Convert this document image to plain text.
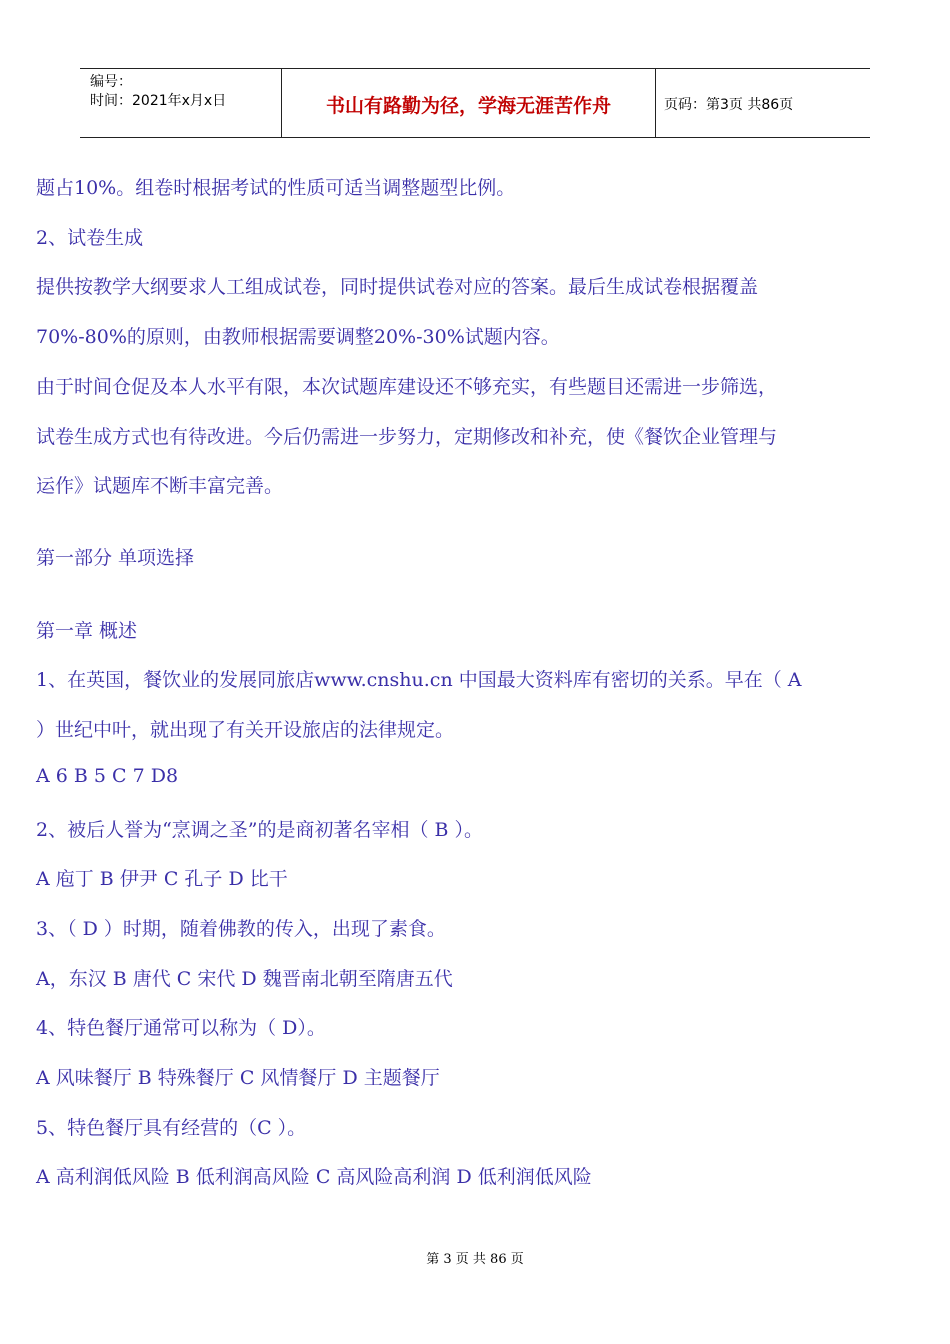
编号：
时间：2021年x月x日	书山有路勤为径，学海无涯苦作舟	页码：第3页 共86页
题占10%。组卷时根据考试的性质可适当调整题型比例。
2、试卷生成
提供按教学大纲要求人工组成试卷，同时提供试卷对应的答案。最后生成试卷根据覆盖
70%-80%的原则，由教师根据需要调整20%-30%试题内容。
由于时间仓促及本人水平有限，本次试题库建设还不够充实，有些题目还需进一步筛选，
试卷生成方式也有待改进。今后仍需进一步努力，定期修改和补充，使《餐饮企业管理与
运作》试题库不断丰富完善。
第一部分 单项选择
第一章 概述
1、在英国，餐饮业的发展同旅店www.cnshu.cn 中国最大资料库有密切的关系。早在（ A
）世纪中叶，就出现了有关开设旅店的法律规定。
A 6 B 5 C 7 D8
2、被后人誉为“烹调之圣”的是商初著名宰相（ B ）。
A 庖丁 B 伊尹 C 孔子 D 比干
3、（ D ）时期，随着佛教的传入，出现了素食。
A，东汉 B 唐代 C 宋代 D 魏晋南北朝至隋唐五代
4、特色餐厅通常可以称为（ D）。
A 风味餐厅 B 特殊餐厅 C 风情餐厅 D 主题餐厅
5、特色餐厅具有经营的（C ）。
A 高利润低风险 B 低利润高风险 C 高风险高利润 D 低利润低风险
第 3 页 共 86 页
